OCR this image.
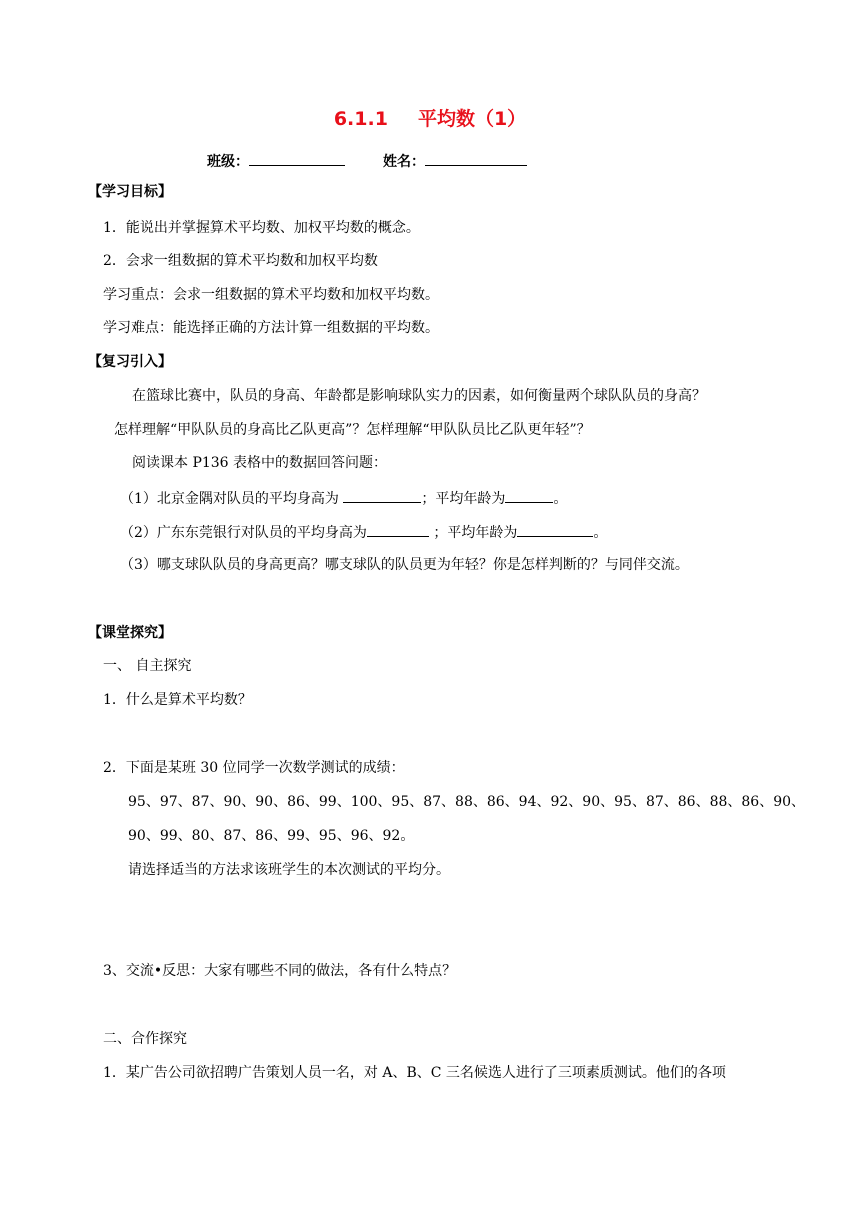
6.1.1 平均数（1）
班级：	姓名：
【学习目标】
1．能说出并掌握算术平均数、加权平均数的概念。
2．会求一组数据的算术平均数和加权平均数
学习重点：会求一组数据的算术平均数和加权平均数。
学习难点：能选择正确的方法计算一组数据的平均数。
【复习引入】
在篮球比赛中，队员的身高、年龄都是影响球队实力的因素，如何衡量两个球队队员的身高？
怎样理解“甲队队员的身高比乙队更高”？怎样理解“甲队队员比乙队更年轻”？
阅读课本 P136 表格中的数据回答问题：
（1）北京金隅对队员的平均身高为	；平均年龄为	。
（2）广东东莞银行对队员的平均身高为	；平均年龄为	。
（3）哪支球队队员的身高更高？哪支球队的队员更为年轻？你是怎样判断的？与同伴交流。
【课堂探究】
一、 自主探究
1．什么是算术平均数？
2．下面是某班 30 位同学一次数学测试的成绩：
95、97、87、90、90、86、99、100、95、87、88、86、94、92、90、95、87、86、88、86、90、
90、99、80、87、86、99、95、96、92。
请选择适当的方法求该班学生的本次测试的平均分。
3、交流•反思：大家有哪些不同的做法，各有什么特点？
二、合作探究
1．某广告公司欲招聘广告策划人员一名，对 A、B、C 三名候选人进行了三项素质测试。他们的各项
